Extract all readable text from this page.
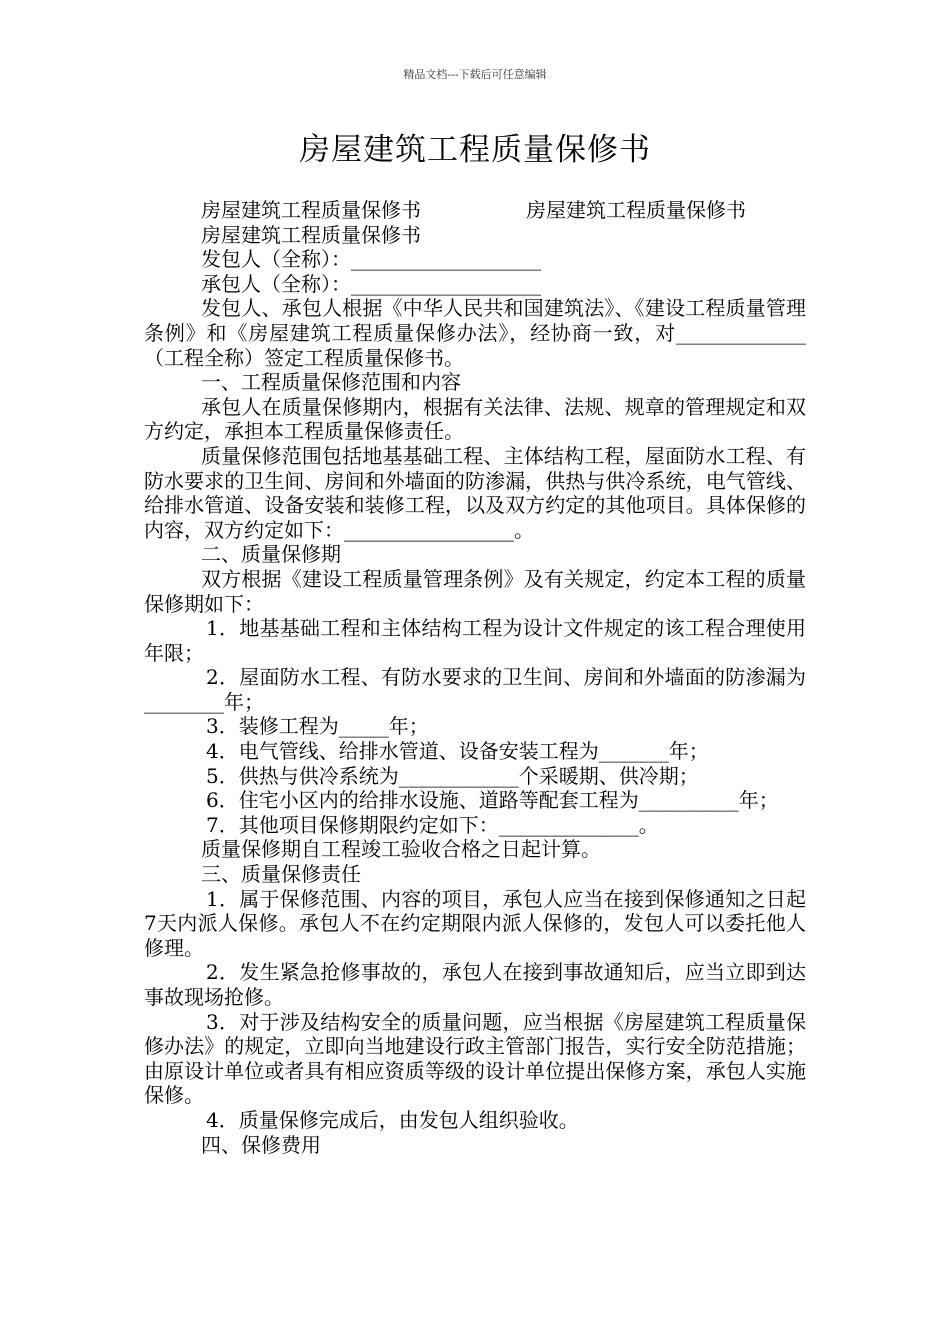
精品文档---下载后可任意编辑
房屋建筑工程质量保修书
房屋建筑工程质量保修书	房屋建筑工程质量保修书

房屋建筑工程质量保修书

发包人（全称）：___________________

承包人（全称）：___________________

发包人、承包人根据《中华人民共和国建筑法》、《建设工程质量管理条例》和《房屋建筑工程质量保修办法》，经协商一致，对_____________（工程全称）签定工程质量保修书。

一、工程质量保修范围和内容

承包人在质量保修期内，根据有关法律、法规、规章的管理规定和双方约定，承担本工程质量保修责任。

质量保修范围包括地基基础工程、主体结构工程，屋面防水工程、有防水要求的卫生间、房间和外墙面的防渗漏，供热与供冷系统，电气管线、给排水管道、设备安装和装修工程，以及双方约定的其他项目。具体保修的内容，双方约定如下：_________________。

二、质量保修期

双方根据《建设工程质量管理条例》及有关规定，约定本工程的质量保修期如下：

1．地基基础工程和主体结构工程为设计文件规定的该工程合理使用年限；

2．屋面防水工程、有防水要求的卫生间、房间和外墙面的防渗漏为________年；

3．装修工程为_____年；

4．电气管线、给排水管道、设备安装工程为_______年；

5．供热与供冷系统为____________个采暖期、供冷期；

6．住宅小区内的给排水设施、道路等配套工程为__________年；

7．其他项目保修期限约定如下：______________。

质量保修期自工程竣工验收合格之日起计算。

三、质量保修责任

1．属于保修范围、内容的项目，承包人应当在接到保修通知之日起7天内派人保修。承包人不在约定期限内派人保修的，发包人可以委托他人修理。

2．发生紧急抢修事故的，承包人在接到事故通知后，应当立即到达事故现场抢修。

3．对于涉及结构安全的质量问题，应当根据《房屋建筑工程质量保修办法》的规定，立即向当地建设行政主管部门报告，实行安全防范措施；由原设计单位或者具有相应资质等级的设计单位提出保修方案，承包人实施保修。

4．质量保修完成后，由发包人组织验收。

四、保修费用
